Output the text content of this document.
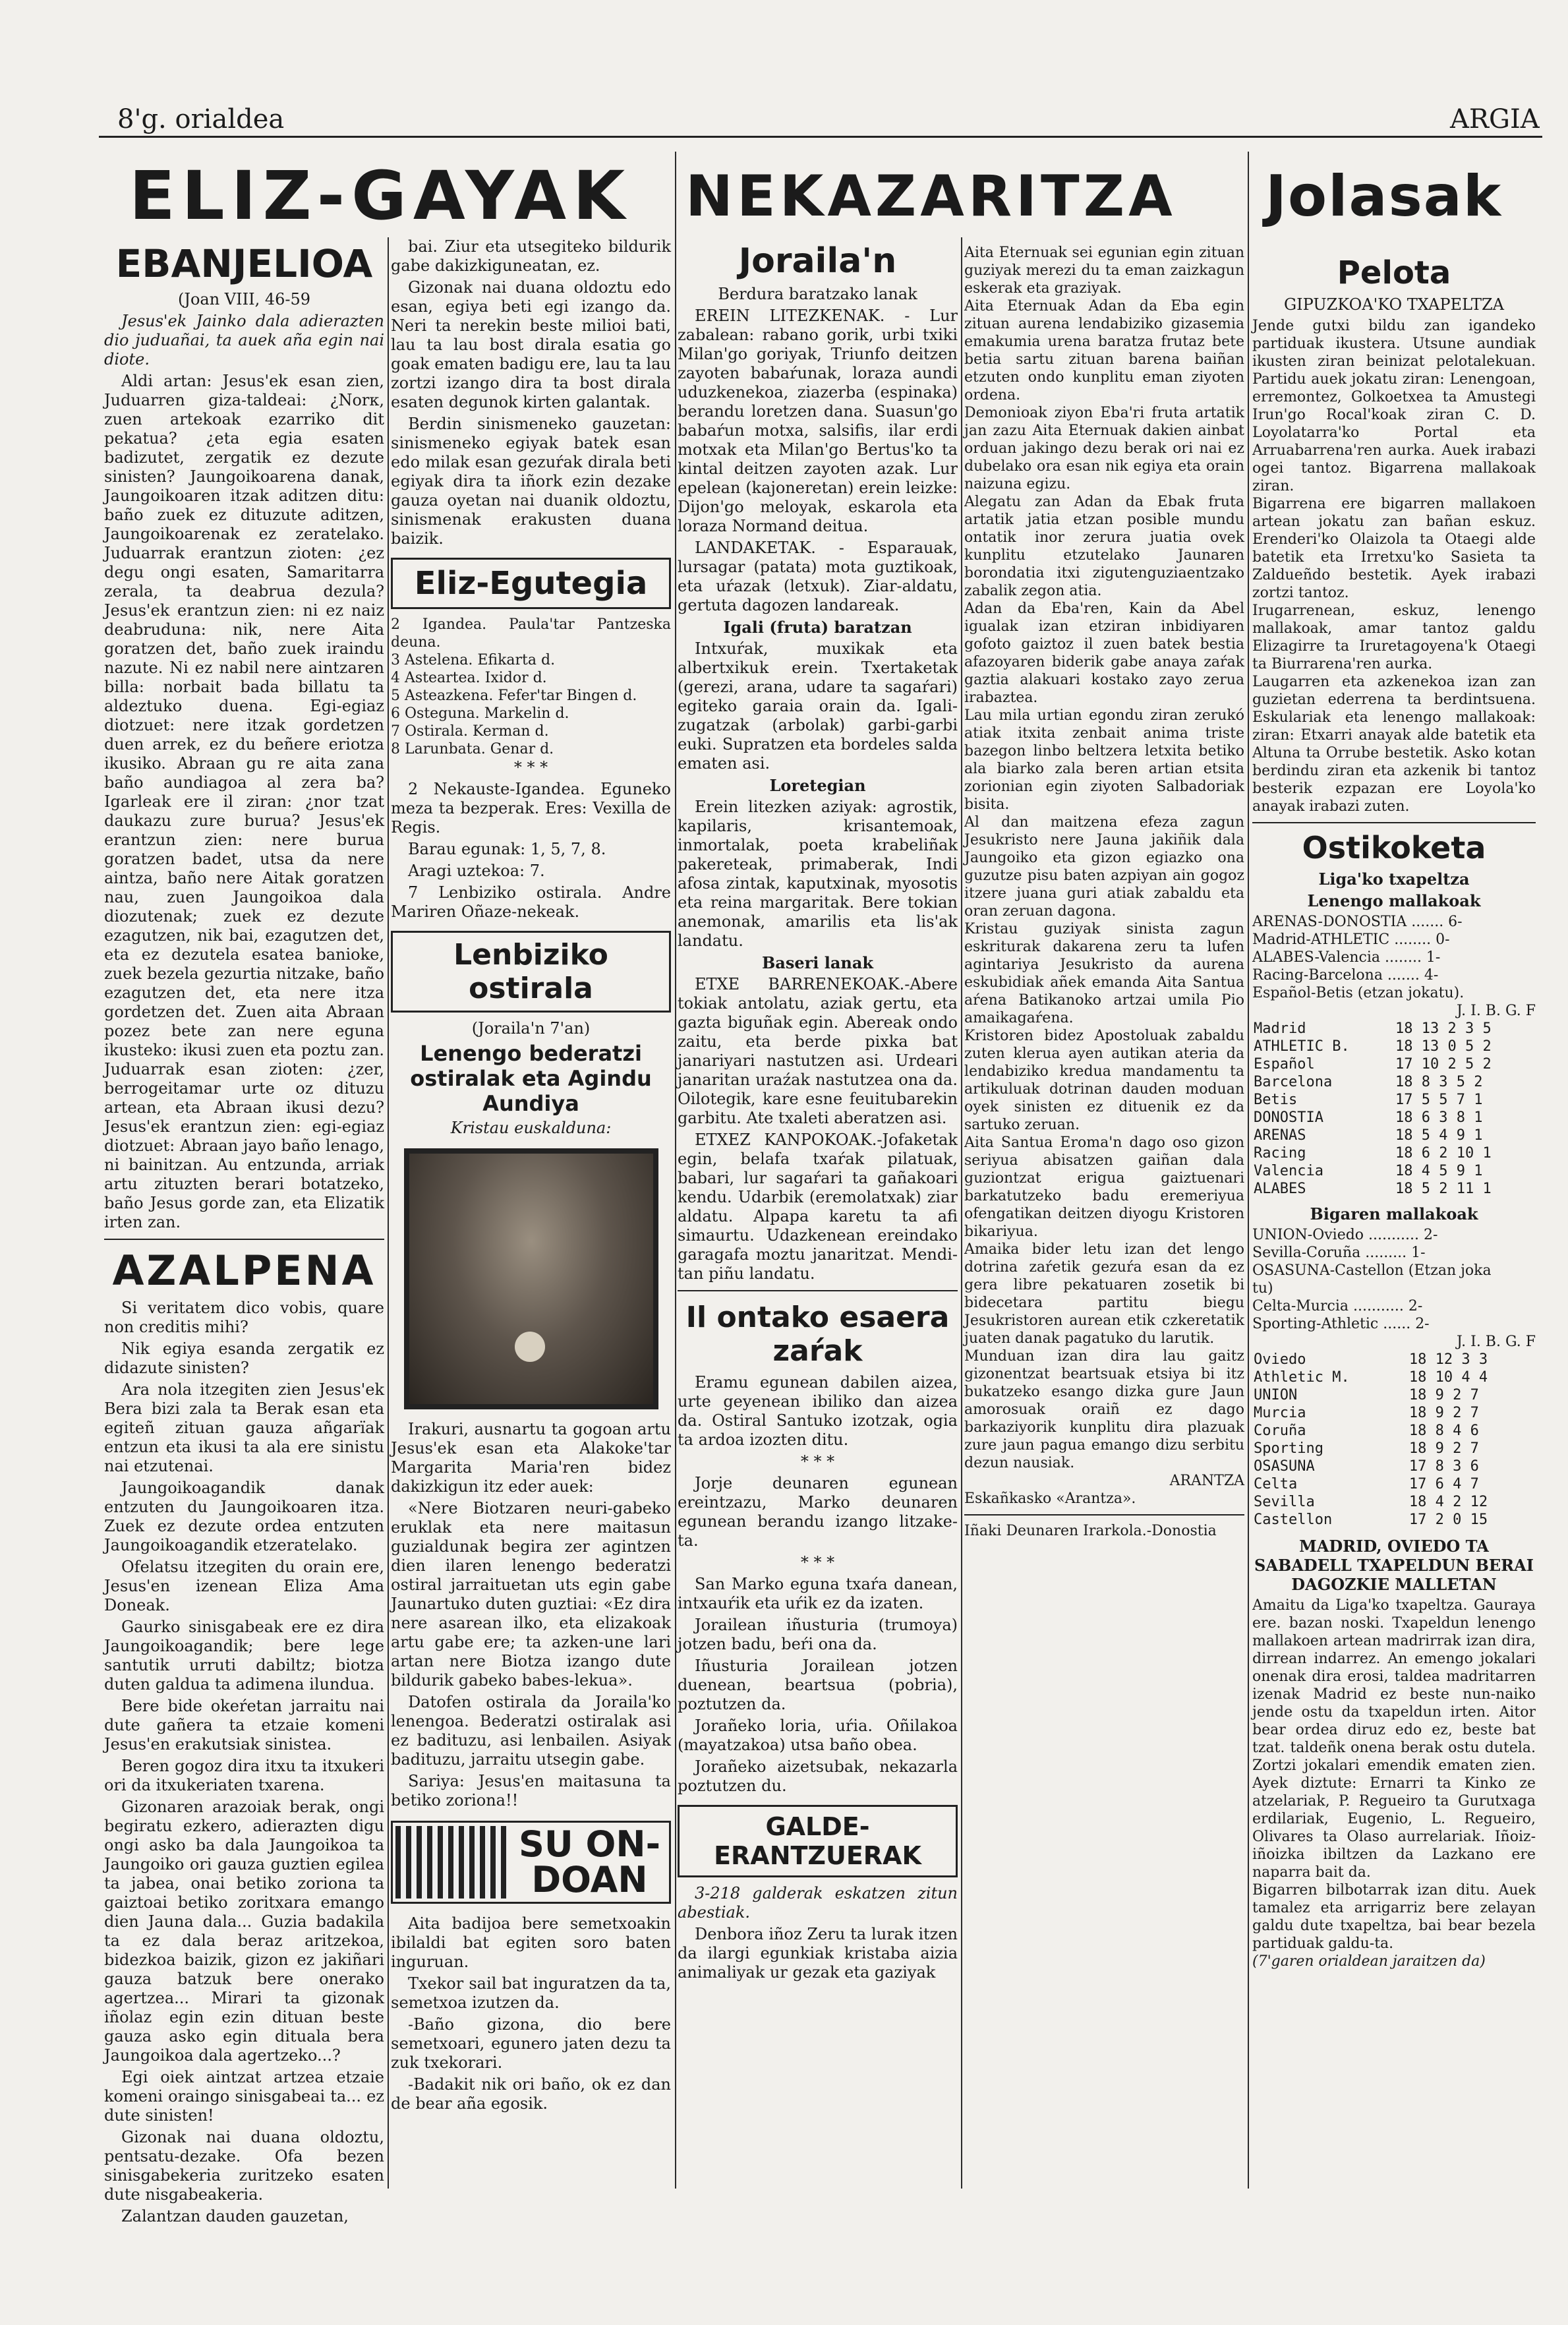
8'g. orialdea	ARGIA
ELIZ-GAYAK NEKAZARITZA Jolasak
EBANJELIOA

(Joan VIII, 46-59

Jesus'ek Jainko dala adierazten dio juduañai, ta auek aña egin nai diote.

Aldi artan: Jesus'ek esan zien, Juduarren giza-taldeai: ¿Norк, zuen artekoak ezarriko dit pekatua? ¿eta egia esaten badizutet, zergatik ez dezute sinisten? Jaungoikoarena danak, Jaungoikoaren itzak aditzen ditu: baño zuek ez dituzute aditzen, Jaungoikoarenak ez zeratelako. Juduarrak erantzun zioten: ¿ez degu ongi esaten, Samaritarra zerala, ta deabrua dezula? Jesus'ek erantzun zien: ni ez naiz deabruduna: nik, nere Aita goratzen det, baño zuek iraindu nazute. Ni ez nabil nere aintzaren billa: norbait bada billatu ta aldeztuko duena. Egi-egiaz diotzuet: nere itzak gordetzen duen arrek, ez du beñere eriotza ikusiko. Abraan gu re aita zana baño aundiagoa al zera ba? Igarleak ere il ziran: ¿nor tzat daukazu zure burua? Jesus'ek erantzun zien: nere burua goratzen badet, utsa da nere aintza, baño nere Aitak goratzen nau, zuen Jaungoikoa dala diozutenak; zuek ez dezute ezagutzen, nik bai, ezagutzen det, eta ez dezutela esatea banioke, zuek bezela gezurtia nitzake, baño ezagutzen det, eta nere itza gordetzen det. Zuen aita Abraan pozez bete zan nere eguna ikusteko: ikusi zuen eta poztu zan. Juduarrak esan zioten: ¿zer, berrogeitamar urte oz dituzu artean, eta Abraan ikusi dezu? Jesus'ek erantzun zien: egi-egiaz diotzuet: Abraan jayo baño lenago, ni bainitzan. Au entzunda, arriak artu zituzten berari botatzeko, baño Jesus gorde zan, eta Elizatik irten zan.

AZALPENA

Si veritatem dico vobis, quare non creditis mihi?

Nik egiya esanda zergatik ez didazute sinisten?

Ara nola itzegiten zien Jesus'ek Bera bizi zala ta Berak esan eta egiteñ zituan gauza añgarïak entzun eta ikusi ta ala ere sinistu nai etzutenai.

Jaungoikoagandik danak entzuten du Jaungoikoaren itza. Zuek ez dezute ordea entzuten Jaungoikoagandik etzeratelako.

Ofelatsu itzegiten du orain ere, Jesus'en izenean Eliza Ama Doneak.

Gaurko sinisgabeak ere ez dira Jaungoikoagandik; bere lege santutik urruti dabiltz; biotza duten galdua ta adimena ilundua.

Bere bide okeŕetan jarraitu nai dute gañera ta etzaie komeni Jesus'en erakutsiak sinistea.

Beren gogoz dira itxu ta itxukeri ori da itxukeriaten txarena.

Gizonaren arazoiak berak, ongi begiratu ezkero, adierazten digu ongi asko ba dala Jaungoikoa ta Jaungoiko ori gauza guztien egilea ta jabea, onai betiko zoriona ta gaiztoai betiko zoritxara emango dien Jauna dala... Guzia badakila ta ez dala beraz aritzekoa, bidezkoa baizik, gizon ez jakiñari gauza batzuk bere onerako agertzea... Mirari ta gizonak iñolaz egin ezin dituan beste gauza asko egin dituala bera Jaungoikoa dala agertzeko...?

Egi oiek aintzat artzea etzaie komeni oraingo sinisgabeai ta... ez dute sinisten!

Gizonak nai duana oldoztu, pentsatu-dezake. Ofa bezen sinisgabekeria zuritzeko esaten dute nisgabeakeria.

Zalantzan dauden gauzetan,

bai. Ziur eta utsegiteko bildurik gabe dakizkiguneatan, ez.

Gizonak nai duana oldoztu edo esan, egiya beti egi izango da. Neri ta nerekin beste milioi bati, lau ta lau bost dirala esatia go goak ematen badigu ere, lau ta lau zortzi izango dira ta bost dirala esaten degunok kirten galantak.

Berdin sinismeneko gauzetan: sinismeneko egiyak batek esan edo milak esan gezuŕak dirala beti egiyak dira ta iñork ezin dezake gauza oyetan nai duanik oldoztu, sinismenak erakusten duana baizik.

Eliz-Egutegia

2 Igandea. Paula'tar Pantzeska deuna.

3 Astelena. Efikarta d.

4 Astearteа. Ixidor d.

5 Asteazkena. Fefer'tar Bingen d.

6 Osteguna. Markelin d.

7 Ostirala. Kerman d.

8 Larunbata. Genar d.

* * *

2 Nekauste-Igandea. Eguneko meza ta bezperak. Eres: Vexilla de Regis.

Barau egunak: 1, 5, 7, 8.

Aragi uztekoa: 7.

7 Lenbiziko ostirala. Andre Mariren Oñaze-nekeak.

Lenbiziko ostirala

(Joraila'n 7'an)

Lenengo bederatzi ostiralak eta Agindu Aundiya

Kristau euskalduna:

Irakuri, ausnartu ta gogoan artu Jesus'ek esan eta Alakoke'tar Margarita Maria'ren bidez dakizkigun itz eder auek:

«Nere Biotzaren neuri-gabeko eruklak eta nere maitasun guzialdunak begira zer agintzen dien ilaren lenengo bederatzi ostiral jarraituetan uts egin gabe Jaunartuko duten guztiai: «Ez dira nere asarean ilko, eta elizakoak artu gabe ere; ta azken-une lari artan nere Biotza izango dute bildurik gabeko babes-lekua».

Datofen ostirala da Joraila'ko lenengoa. Bederatzi ostiralak asi ez badituzu, asi lenbailen. Asiyak badituzu, jarraitu utsegin gabe.

Sariya: Jesus'en maitasuna ta betiko zoriona!!

SU ON-DOAN

Aita badijoa bere semetxoakin ibilaldi bat egiten soro baten inguruan.

Txekor sail bat inguratzen da ta, semetxoa izutzen da.

-Baño gizona, dio bere semetxoari, egunero jaten dezu ta zuk txekorari.

-Badakit nik ori baño, ok ez dan de bear aña egosik.

Joraila'n

Berdura baratzako lanak

EREIN LITEZKENAK. - Lur zabalean: rabano gorik, urbi txiki Milan'go goriyak, Triunfo deitzen zayoten babaŕunak, loraza aundi uduzkenekoa, ziazerba (espinaka) berandu loretzen dana. Suasun'go babaŕun motxa, salsifis, ilar erdi motxak eta Milan'go Bertus'ko ta kintal deitzen zayoten azak. Lur epelean (kajoneretan) erein leizke: Dijon'go meloyak, eskarola eta loraza Normand deitua.

LANDAKETAK. - Esparauak, lursagar (patata) mota guztikoak, eta uŕazak (letxuk). Ziar-aldatu, gertuta dagozen landareak.

Igali (fruta) baratzan

Intxuŕak, muxikak eta albertxikuk erein. Txertaketak (gerezi, arana, udare ta sagaŕari) egiteko garaia orain da. Igali-zugatzak (arbolak) garbi-garbi euki. Supratzen eta bordeles salda ematen asi.

Loretegian

Erein litezken aziyak: agrostik, kapilaris, krisantemoak, inmortalak, poeta krabeliñak pakereteak, primaberak, Indi afosa zintak, kaputxinak, myosotis eta reina margaritak. Bere tokian anemonak, amarilis eta lis'ak landatu.

Baseri lanak

ETXE BARRENEKOAK.-Abere tokiak antolatu, aziak gertu, eta gazta biguñak egin. Abereak ondo zaitu, eta berde pixka bat janariyari nastutzen asi. Urdeari janaritan uraźak nastutzea ona da. Oilotegik, kare esne feuitubarekin garbitu. Ate txaleti aberatzen asi.

ETXEZ KANPOKOAK.-Jofaketak egin, belafa txaŕak pilatuak, babari, lur sagaŕari ta gañakoari kendu. Udarbik (eremolatxak) ziar aldatu. Alpapa karetu ta afi simaurtu. Udazkenean ereindako garagafa moztu janaritzat. Mendi-tan piñu landatu.

Il ontako esaera zaŕak

Eramu egunean dabilen aizea, urte geyenean ibiliko dan aizea da. Ostiral Santuko izotzak, ogia ta ardoa izozten ditu.

* * *

Jorje deunaren egunean ereintzazu, Marko deunaren egunean berandu izango litzake-ta.

* * *

San Marko eguna txaŕa danean, intxauŕik eta uŕik ez da izaten.

Jorailean iñusturia (trumoya) jotzen badu, beŕi ona da.

Iñusturia Jorailean jotzen duenean, beartsua (pobria), poztutzen da.

Jorañeko loria, uŕia. Oñilakoa (mayatzakoa) utsa baño obea.

Jorañeko aizetsubak, nekazarla poztutzen du.

GALDE-ERANTZUERAK

3-218 galderak eskatzen zitun abestiak.

Denbora iñoz Zeru ta lurak itzen da ilargi egunkiak kristaba aizia animaliyak ur gezak eta gaziyak

Aita Eternuak sei egunian egin zituan guziyak merezi du ta eman zaizkagun eskerak eta graziyak.

Aita Eternuak Adan da Eba egin zituan aurena lendabiziko gizasemia emakumia urena baratza frutaz bete betia sartu zituan barena baiñan etzuten ondo kunplitu eman ziyoten ordena.

Demonioak ziyon Eba'ri fruta artatik jan zazu Aita Eternuak dakien ainbat orduan jakingo dezu berak ori nai ez dubelako ora esan nik egiya eta orain naizuna egizu.

Alegatu zan Adan da Ebak fruta artatik jatia etzan posible mundu ontatik inor zerura juatia ovek kunplitu etzutelako Jaunaren borondatia itxi zigutenguziaentzako zabalik zegon atia.

Adan da Eba'ren, Kain da Abel igualak izan etziran inbidiyaren gofoto gaiztoz il zuen batek bestia afazoyaren biderik gabe anaya zaŕak gaztia alakuari kostako zayo zerua irabaztea.

Lau mila urtian egondu ziran zerukó atiak itxita zenbait anima triste bazegon linbo beltzera letxita betiko ala biarko zala beren artian etsita zorionian egin ziyoten Salbadoriak bisita.

Al dan maitzena efeza zagun Jesukristo nere Jauna jakiñik dala Jaungoiko eta gizon egiazko ona guzutze pisu baten azpiyan ain gogoz itzere juana guri atiak zabaldu eta oran zeruan dagona.

Kristau guziyak sinista zagun eskriturak dakarena zeru ta lufen agintariya Jesukristo da aurena eskubidiak añek emanda Aita Santua aŕena Batikanoko artzai umila Pio amaikagaŕena.

Kristoren bidez Apostoluak zabaldu zuten kleruа ayen autikan ateria da lendabiziko kredua mandamentu ta artikuluak dotrinan dauden moduan oyek sinisten ez dituenik ez da sartuko zeruan.

Aita Santua Eroma'n dago oso gizon seriyua abisatzen gaiñan dala guziontzat erigua gaiztuenari barkatutzeko badu eremeriyua ofengatikan deitzen diyogu Kristoren bikariyua.

Amaika bider letu izan det lengo dotrina zaŕetik gezuŕa esan da ez gera libre pekatuaren zosetik bi bidecetara partitu biegu Jesukristoren aurean etik czkeretatik juaten danak pagatuko du larutik.

Munduan izan dira lau gaitz gizonentzat beartsuak etsiya bi itz bukatzeko esango dizka gure Jaun amorosuak oraiñ ez dago barkaziyorik kunplitu dira plazuak zure jaun pagua emango dizu serbitu dezun nausiak.

ARANTZA

Eskañkasko «Arantza».

Iñaki Deunaren Irarkola.-Donostia

Pelota

GIPUZKOA'KO TXAPELTZA

Jende gutxi bildu zan igandeko partiduak ikustera. Utsune aundiak ikusten ziran beinizat pelotalekuan. Partidu auek jokatu ziran: Lenengoan, erremontez, Golkoetxea ta Amustegi Irun'go Rocal'koak ziran C. D. Loyolatarra'ko Portal eta Arruabarrena'ren aurka. Auek irabazi ogei tantoz. Bigarrena mallakoak ziran.

Bigarrena ere bigarren mallakoen artean jokatu zan bañan eskuz. Erenderi'ko Olaizola ta Otaegi alde batetik eta Irretxu'ko Sasieta ta Zaldueñdo bestetik. Ayek irabazi zortzi tantoz.

Irugarrenean, eskuz, lenengo mallakoak, amar tantoz galdu Elizagirre ta Iruretagoyena'k Otaegi ta Biurrarena'ren aurka.

Laugarren eta azkenekoa izan zan guzietan ederrena ta berdintsuena. Eskulariak eta lenengo mallakoak: ziran: Etxarri anayak alde batetik eta Altuna ta Orrube bestetik. Asko kotan berdindu ziran eta azkenik bi tantoz besterik ezpazan ere Loyola'ko anayak irabazi zuten.

Ostikoketa

Liga'ko txapeltza

Lenengo mallakoak

ARENAS-DONOSTIA ....... 6-

Madrid-ATHLETIC ........ 0-

ALABES-Valencia ........ 1-

Racing-Barcelona ....... 4-

Español-Betis (etzan jokatu).

J. I. B. G. F

Madrid	18 13 2 3 5
ATHLETIC B.	18 13 0 5 2
Español	17 10 2 5 2
Barcelona	18 8 3 5 2
Betis	17 5 5 7 1
DONOSTIA	18 6 3 8 1
ARENAS	18 5 4 9 1
Racing	18 6 2 10 1
Valencia	18 4 5 9 1
ALABES	18 5 2 11 1

Bigaren mallakoak

UNION-Oviedo ........... 2-

Sevilla-Coruña ......... 1-

OSASUNA-Castellon (Etzan joka

tu)

Celta-Murcia ........... 2-

Sporting-Athletic ...... 2-

J. I. B. G. F

Oviedo	18 12 3 3
Athletic M.	18 10 4 4
UNION	18 9 2 7
Murcia	18 9 2 7
Coruña	18 8 4 6
Sporting	18 9 2 7
OSASUNA	17 8 3 6
Celta	17 6 4 7
Sevilla	18 4 2 12
Castellon	17 2 0 15

MADRID, OVIEDO TA SABADELL TXAPELDUN BERAI DAGOZKIE MALLETAN

Amaitu da Liga'ko txapeltza. Gauraya ere. bazan noski. Txapeldun lenengo mallakoen artean madrirrak izan dira, dirrean indarrez. An emengo jokalari onenak dira erosi, taldea madritarren izenak Madrid ez beste nun-naiko jende ostu da txapeldun irten. Aitor bear ordea diruz edo ez, beste bat tzat. taldeñk onena berak ostu dutela. Zortzi jokalari emendik ematen zien. Ayek diztute: Ernarri ta Kinko ze atzelariak, P. Regueiro ta Gurutxaga erdilariak, Eugenio, L. Regueiro, Olivares ta Olaso aurrelariak. Iñoiz-iñoizka ibiltzen da Lazkano ere naparra bait da.

Bigarren bilbotarrak izan ditu. Auek tamalez eta arrigarriz bere zelayan galdu dute txapeltza, bai bear bezela partiduak galdu-ta.

(7'garen orialdean jaraitzen da)
